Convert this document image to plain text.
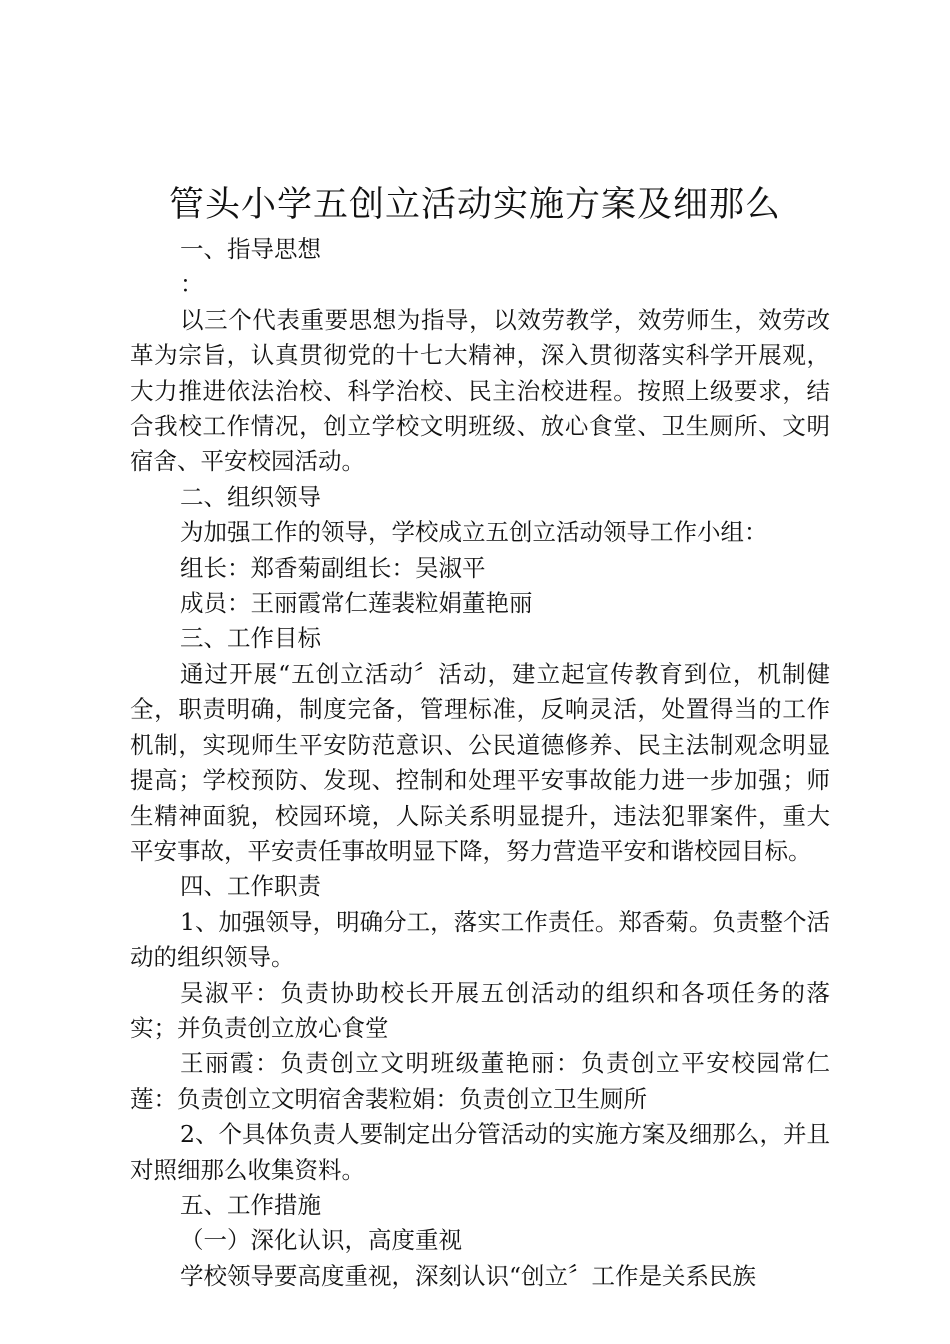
管头小学五创立活动实施方案及细那么

一、指导思想

：

以三个代表重要思想为指导，以效劳教学，效劳师生，效劳改革为宗旨，认真贯彻党的十七大精神，深入贯彻落实科学开展观，大力推进依法治校、科学治校、民主治校进程。按照上级要求，结合我校工作情况，创立学校文明班级、放心食堂、卫生厕所、文明宿舍、平安校园活动。

二、组织领导

为加强工作的领导，学校成立五创立活动领导工作小组：

组长：郑香菊副组长：吴淑平

成员：王丽霞常仁莲裴粒娟董艳丽

三、工作目标

通过开展“五创立活动〞活动，建立起宣传教育到位，机制健全，职责明确，制度完备，管理标准，反响灵活，处置得当的工作机制，实现师生平安防范意识、公民道德修养、民主法制观念明显提高；学校预防、发现、控制和处理平安事故能力进一步加强；师生精神面貌，校园环境，人际关系明显提升，违法犯罪案件，重大平安事故，平安责任事故明显下降，努力营造平安和谐校园目标。

四、工作职责

1、加强领导，明确分工，落实工作责任。郑香菊。负责整个活动的组织领导。

吴淑平：负责协助校长开展五创活动的组织和各项任务的落实；并负责创立放心食堂

王丽霞：负责创立文明班级董艳丽：负责创立平安校园常仁莲：负责创立文明宿舍裴粒娟：负责创立卫生厕所

2、个具体负责人要制定出分管活动的实施方案及细那么，并且对照细那么收集资料。

五、工作措施

（一）深化认识，高度重视

学校领导要高度重视，深刻认识“创立〞工作是关系民族
